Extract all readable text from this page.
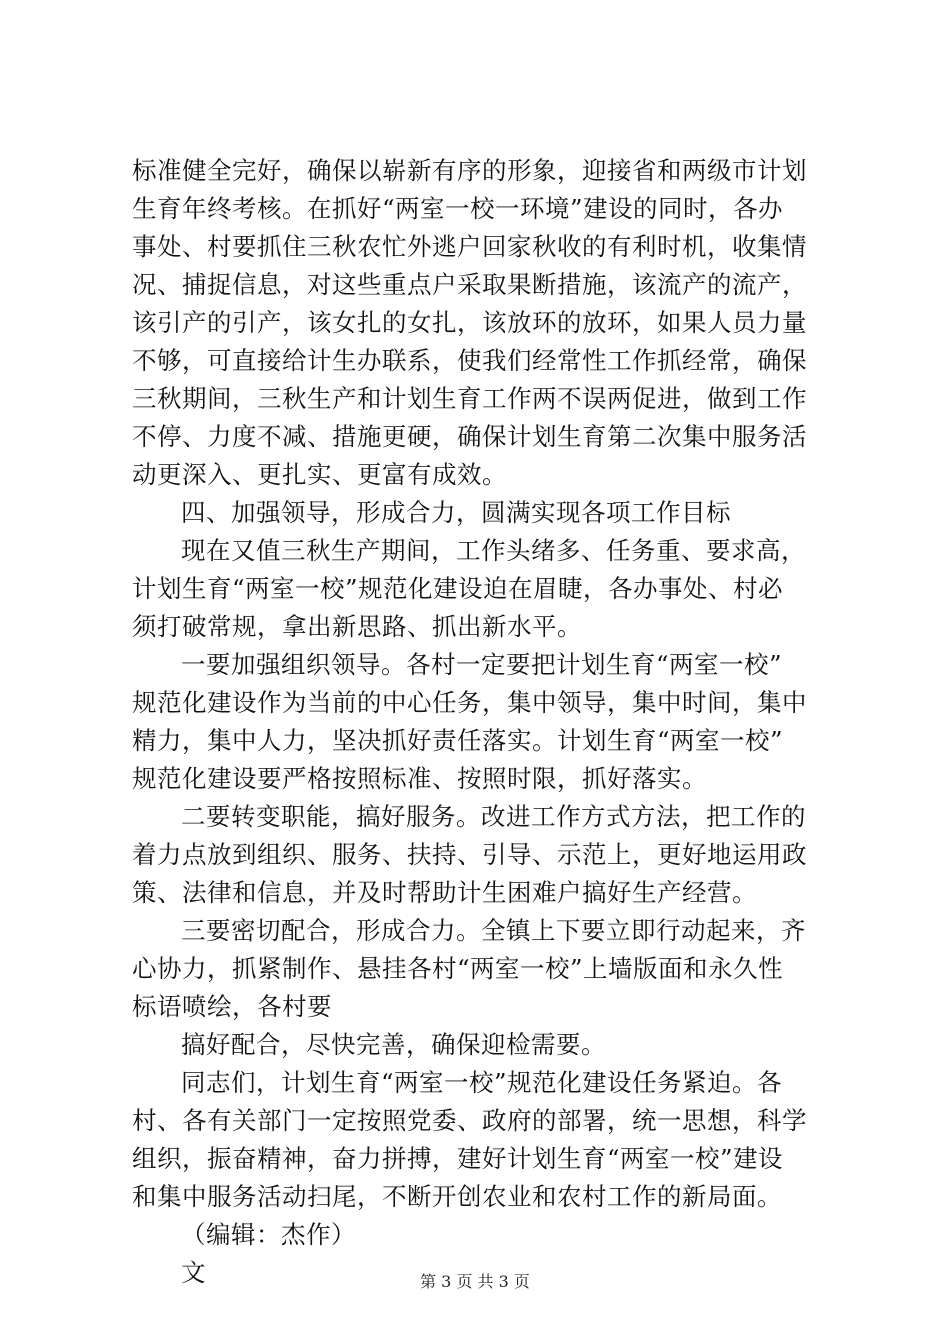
标准健全完好，确保以崭新有序的形象，迎接省和两级市计划
生育年终考核。在抓好“两室一校一环境”建设的同时，各办
事处、村要抓住三秋农忙外逃户回家秋收的有利时机，收集情
况、捕捉信息，对这些重点户采取果断措施，该流产的流产，
该引产的引产，该女扎的女扎，该放环的放环，如果人员力量
不够，可直接给计生办联系，使我们经常性工作抓经常，确保
三秋期间，三秋生产和计划生育工作两不误两促进，做到工作
不停、力度不减、措施更硬，确保计划生育第二次集中服务活
动更深入、更扎实、更富有成效。
四、加强领导，形成合力，圆满实现各项工作目标
现在又值三秋生产期间，工作头绪多、任务重、要求高，
计划生育“两室一校”规范化建设迫在眉睫，各办事处、村必
须打破常规，拿出新思路、抓出新水平。
一要加强组织领导。各村一定要把计划生育“两室一校”
规范化建设作为当前的中心任务，集中领导，集中时间，集中
精力，集中人力，坚决抓好责任落实。计划生育“两室一校”
规范化建设要严格按照标准、按照时限，抓好落实。
二要转变职能，搞好服务。改进工作方式方法，把工作的
着力点放到组织、服务、扶持、引导、示范上，更好地运用政
策、法律和信息，并及时帮助计生困难户搞好生产经营。
三要密切配合，形成合力。全镇上下要立即行动起来，齐
心协力，抓紧制作、悬挂各村“两室一校”上墙版面和永久性
标语喷绘，各村要
搞好配合，尽快完善，确保迎检需要。
同志们，计划生育“两室一校”规范化建设任务紧迫。各
村、各有关部门一定按照党委、政府的部署，统一思想，科学
组织，振奋精神，奋力拼搏，建好计划生育“两室一校”建设
和集中服务活动扫尾，不断开创农业和农村工作的新局面。
（编辑：杰作）
文	第 3 页 共 3 页
